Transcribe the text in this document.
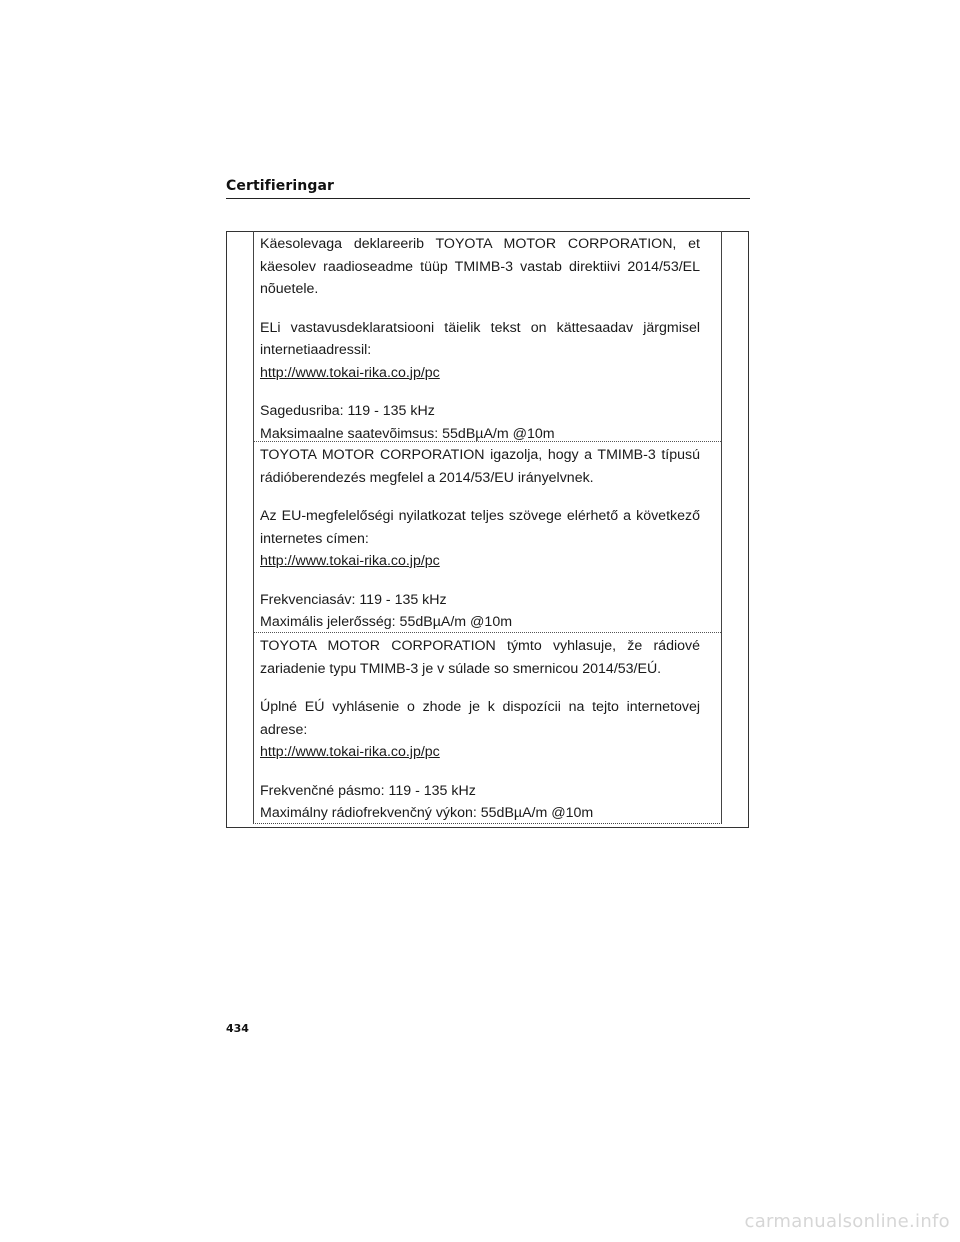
Certifieringar

Käesolevaga deklareerib TOYOTA MOTOR CORPORATION, et käesolev raadioseadme tüüp TMIMB-3 vastab direktiivi 2014/53/EL nõuetele.

ELi vastavusdeklaratsiooni täielik tekst on kättesaadav järgmisel internetiaadressil:

http://www.tokai-rika.co.jp/pc

Sagedusriba: 119 - 135 kHz

Maksimaalne saatevõimsus: 55dBµA/m @10m

TOYOTA MOTOR CORPORATION igazolja, hogy a TMIMB-3 típusú rádióberendezés megfelel a 2014/53/EU irányelvnek.

Az EU-megfelelőségi nyilatkozat teljes szövege elérhető a következő internetes címen:

http://www.tokai-rika.co.jp/pc

Frekvenciasáv: 119 - 135 kHz

Maximális jelerősség: 55dBµA/m @10m

TOYOTA MOTOR CORPORATION týmto vyhlasuje, že rádiové zariadenie typu TMIMB-3 je v súlade so smernicou 2014/53/EÚ.

Úplné EÚ vyhlásenie o zhode je k dispozícii na tejto internetovej adrese:

http://www.tokai-rika.co.jp/pc

Frekvenčné pásmo: 119 - 135 kHz

Maximálny rádiofrekvenčný výkon: 55dBµA/m @10m

434
carmanualsonline.info
